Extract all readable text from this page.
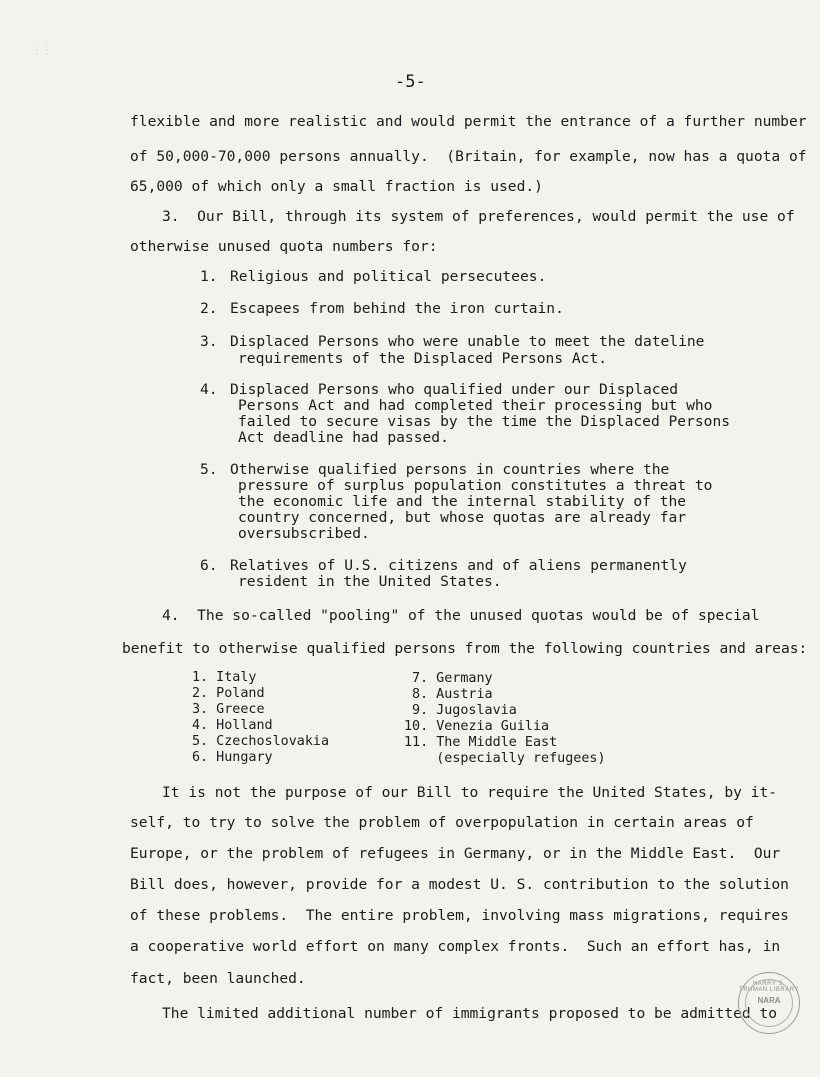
⋮⋮
-5-
flexible and more realistic and would permit the entrance of a further number
of 50,000-70,000 persons annually.  (Britain, for example, now has a quota of
65,000 of which only a small fraction is used.)
3.  Our Bill, through its system of preferences, would permit the use of
otherwise unused quota numbers for:
1. Religious and political persecutees.
2. Escapees from behind the iron curtain.
3. Displaced Persons who were unable to meet the dateline
requirements of the Displaced Persons Act.
4. Displaced Persons who qualified under our Displaced
Persons Act and had completed their processing but who
failed to secure visas by the time the Displaced Persons
Act deadline had passed.
5. Otherwise qualified persons in countries where the
pressure of surplus population constitutes a threat to
the economic life and the internal stability of the
country concerned, but whose quotas are already far
oversubscribed.
6. Relatives of U.S. citizens and of aliens permanently
resident in the United States.
4.  The so-called "pooling" of the unused quotas would be of special
benefit to otherwise qualified persons from the following countries and areas:
1. Italy
2. Poland
3. Greece
4. Holland
5. Czechoslovakia
6. Hungary
7. Germany
8. Austria
9. Jugoslavia
10. Venezia Guilia
11. The Middle East
(especially refugees)
It is not the purpose of our Bill to require the United States, by it-
self, to try to solve the problem of overpopulation in certain areas of
Europe, or the problem of refugees in Germany, or in the Middle East.  Our
Bill does, however, provide for a modest U. S. contribution to the solution
of these problems.  The entire problem, involving mass migrations, requires
a cooperative world effort on many complex fronts.  Such an effort has, in
fact, been launched.
The limited additional number of immigrants proposed to be admitted to
HARRY S. TRUMAN LIBRARY
NARA
